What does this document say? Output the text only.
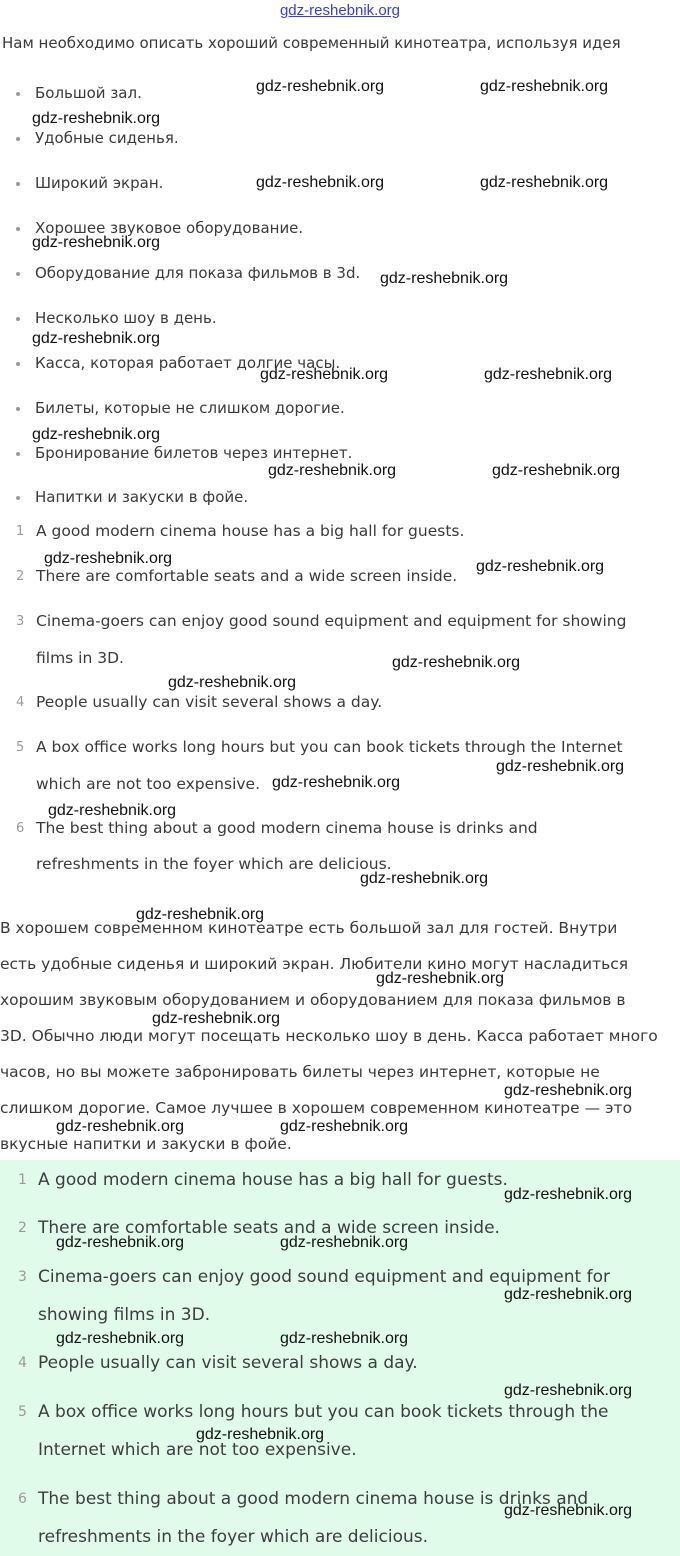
gdz-reshebnik.org
Нам необходимо описать хороший современный кинотеатра, используя идея
Большой зал.
Удобные сиденья.
Широкий экран.
Хорошее звуковое оборудование.
Оборудование для показа фильмов в 3d.
Несколько шоу в день.
Касса, которая работает долгие часы.
Билеты, которые не слишком дорогие.
Бронирование билетов через интернет.
Напитки и закуски в фойе.
1 A good modern cinema house has a big hall for guests.
2 There are comfortable seats and a wide screen inside.
3 Cinema-goers can enjoy good sound equipment and equipment for showing
films in 3D.
4 People usually can visit several shows a day.
5 A box office works long hours but you can book tickets through the Internet
which are not too expensive.
6 The best thing about a good modern cinema house is drinks and
refreshments in the foyer which are delicious.
В хорошем современном кинотеатре есть большой зал для гостей. Внутри
есть удобные сиденья и широкий экран. Любители кино могут насладиться
хорошим звуковым оборудованием и оборудованием для показа фильмов в
3D. Обычно люди могут посещать несколько шоу в день. Касса работает много
часов, но вы можете забронировать билеты через интернет, которые не
слишком дорогие. Самое лучшее в хорошем современном кинотеатре — это
вкусные напитки и закуски в фойе.
1 A good modern cinema house has a big hall for guests.
2 There are comfortable seats and a wide screen inside.
3 Cinema-goers can enjoy good sound equipment and equipment for
showing films in 3D.
4 People usually can visit several shows a day.
5 A box office works long hours but you can book tickets through the
Internet which are not too expensive.
6 The best thing about a good modern cinema house is drinks and
refreshments in the foyer which are delicious.
gdz-reshebnik.org	gdz-reshebnik.org
gdz-reshebnik.org
gdz-reshebnik.org	gdz-reshebnik.org
gdz-reshebnik.org
gdz-reshebnik.org
gdz-reshebnik.org
gdz-reshebnik.org	gdz-reshebnik.org
gdz-reshebnik.org
gdz-reshebnik.org	gdz-reshebnik.org
gdz-reshebnik.org	gdz-reshebnik.org
gdz-reshebnik.org
gdz-reshebnik.org
gdz-reshebnik.org
gdz-reshebnik.org
gdz-reshebnik.org
gdz-reshebnik.org
gdz-reshebnik.org
gdz-reshebnik.org
gdz-reshebnik.org
gdz-reshebnik.org
gdz-reshebnik.org	gdz-reshebnik.org
gdz-reshebnik.org
gdz-reshebnik.org	gdz-reshebnik.org
gdz-reshebnik.org
gdz-reshebnik.org	gdz-reshebnik.org
gdz-reshebnik.org
gdz-reshebnik.org
gdz-reshebnik.org
